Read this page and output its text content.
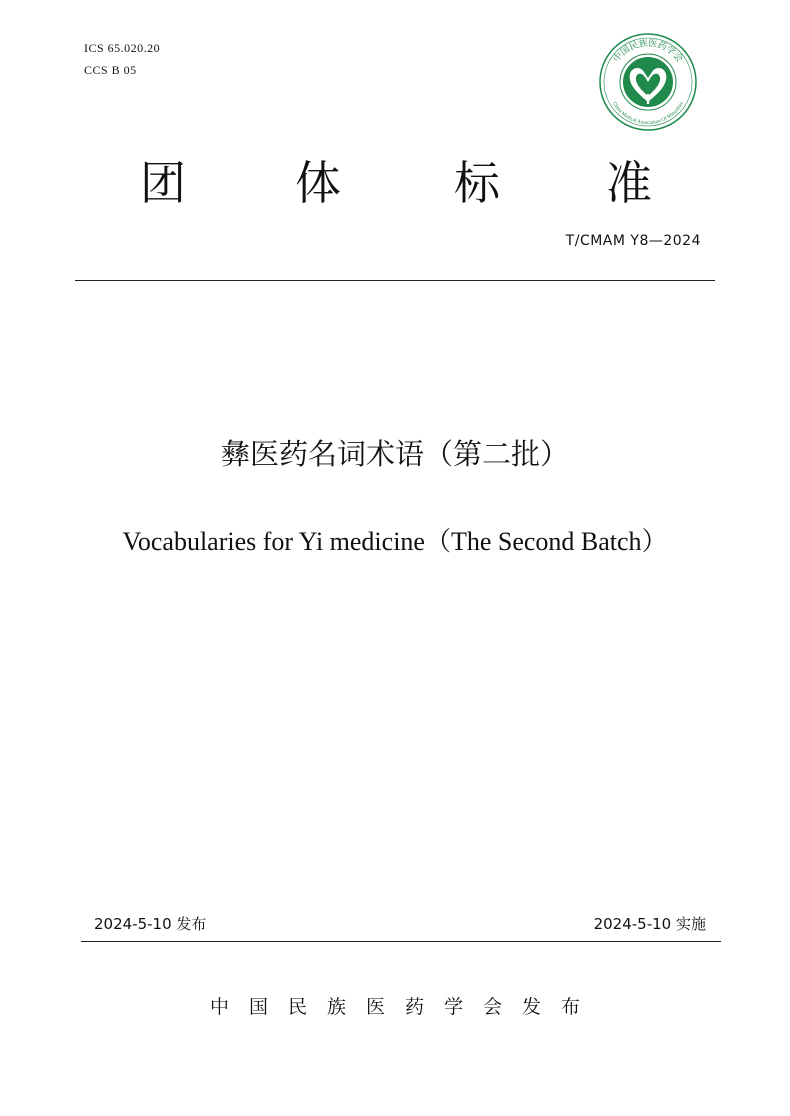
ICS 65.020.20
CCS B 05
中国民族医药学会
China Medical Association Of Minorities
团 体 标 准
T/CMAM Y8—2024
彝医药名词术语（第二批）
Vocabularies for Yi medicine（The Second Batch）
2024-5-10 发布	2024-5-10 实施
中国民族医药学会发布
